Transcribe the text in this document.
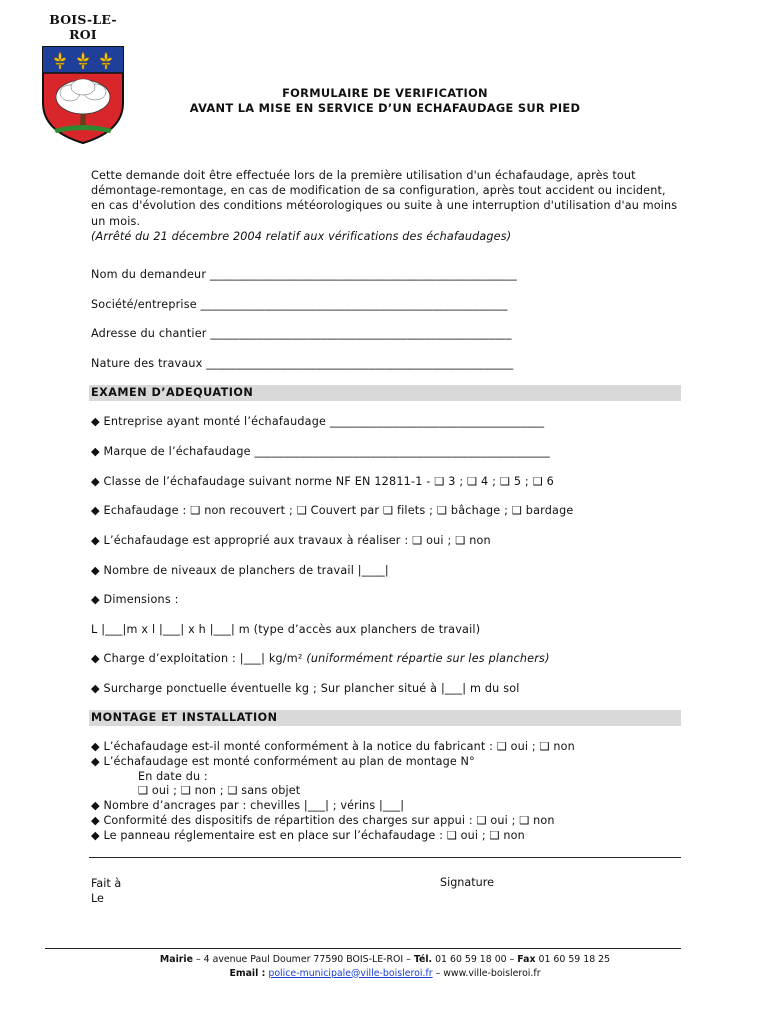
BOIS-LE-ROI
FORMULAIRE DE VERIFICATION
AVANT LA MISE EN SERVICE D’UN ECHAFAUDAGE SUR PIED
Cette demande doit être effectuée lors de la première utilisation d'un échafaudage, après tout démontage-remontage, en cas de modification de sa configuration, après tout accident ou incident, en cas d'évolution des conditions météorologiques ou suite à une interruption d'utilisation d'au moins un mois.
(Arrêté du 21 décembre 2004 relatif aux vérifications des échafaudages)
Nom du demandeur _____________________________________________________
Société/entreprise _____________________________________________________
Adresse du chantier ____________________________________________________
Nature des travaux _____________________________________________________
EXAMEN D’ADEQUATION
◆ Entreprise ayant monté l’échafaudage _____________________________________
◆ Marque de l’échafaudage ___________________________________________________
◆ Classe de l’échafaudage suivant norme NF EN 12811-1 - ❑ 3 ; ❑ 4 ; ❑ 5 ; ❑ 6
◆ Echafaudage : ❑ non recouvert ; ❑ Couvert par ❑ filets ; ❑ bâchage ; ❑ bardage
◆ L’échafaudage est approprié aux travaux à réaliser : ❑ oui ; ❑ non
◆ Nombre de niveaux de planchers de travail |____|
◆ Dimensions :
L |___|m x l |___| x h |___| m (type d’accès aux planchers de travail)
◆ Charge d’exploitation : |___| kg/m² (uniformément répartie sur les planchers)
◆ Surcharge ponctuelle éventuelle kg ; Sur plancher situé à |___| m du sol
MONTAGE ET INSTALLATION
◆ L’échafaudage est-il monté conformément à la notice du fabricant : ❑ oui ; ❑ non
◆ L’échafaudage est monté conformément au plan de montage N°
En date du :
❑ oui ; ❑ non ; ❑ sans objet
◆ Nombre d’ancrages par : chevilles |___| ; vérins |___|
◆ Conformité des dispositifs de répartition des charges sur appui : ❑ oui ; ❑ non
◆ Le panneau réglementaire est en place sur l’échafaudage : ❑ oui ; ❑ non
Fait à
Le
Signature
Mairie – 4 avenue Paul Doumer 77590 BOIS-LE-ROI – Tél. 01 60 59 18 00 – Fax 01 60 59 18 25
Email : police-municipale@ville-boisleroi.fr – www.ville-boisleroi.fr
